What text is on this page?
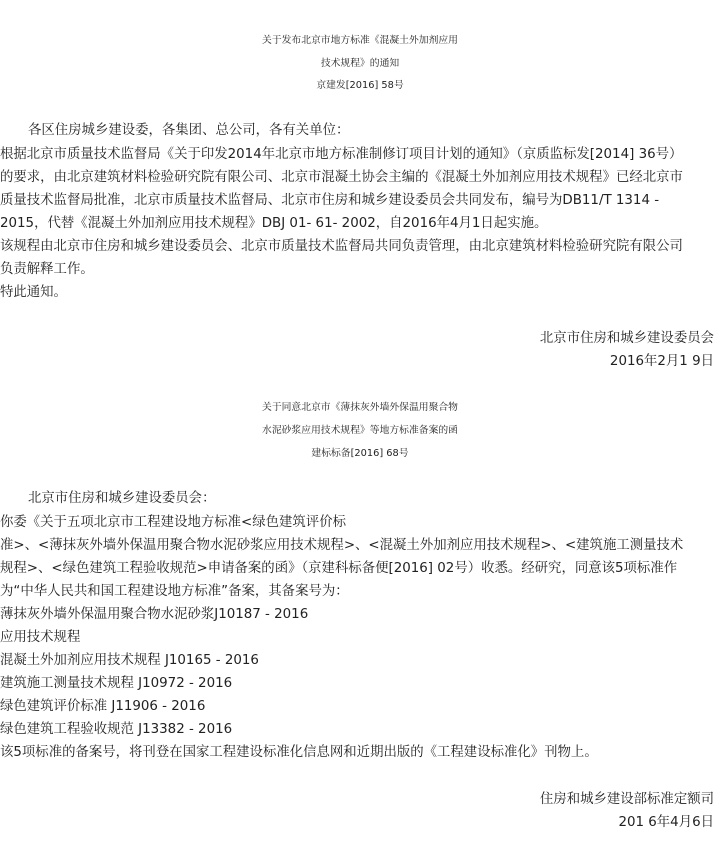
关于发布北京市地方标准《混凝土外加剂应用

技术规程》的通知

京建发[2016] 58号

各区住房城乡建设委，各集团、总公司，各有关单位：

根据北京市质量技术监督局《关于印发2014年北京市地方标准制修订项目计划的通知》（京质监标发[2014] 36号）

的要求，由北京建筑材料检验研究院有限公司、北京市混凝土协会主编的《混凝土外加剂应用技术规程》已经北京市

质量技术监督局批准，北京市质量技术监督局、北京市住房和城乡建设委员会共同发布，编号为DB11/T 1314 -

2015，代替《混凝土外加剂应用技术规程》DBJ 01- 61- 2002，自2016年4月1日起实施。

该规程由北京市住房和城乡建设委员会、北京市质量技术监督局共同负责管理，由北京建筑材料检验研究院有限公司

负责解释工作。

特此通知。

北京市住房和城乡建设委员会

2016年2月1 9日

关于同意北京市《薄抹灰外墙外保温用聚合物

水泥砂浆应用技术规程》等地方标准备案的函

建标标备[2016] 68号

北京市住房和城乡建设委员会：

你委《关于五项北京市工程建设地方标准<绿色建筑评价标

准>、<薄抹灰外墙外保温用聚合物水泥砂浆应用技术规程>、<混凝土外加剂应用技术规程>、<建筑施工测量技术

规程>、<绿色建筑工程验收规范>申请备案的函》（京建科标备便[2016] 02号）收悉。经研究，同意该5项标准作

为“中华人民共和国工程建设地方标准”备案，其备案号为：

薄抹灰外墙外保温用聚合物水泥砂浆J10187 - 2016

应用技术规程

混凝土外加剂应用技术规程 J10165 - 2016

建筑施工测量技术规程 J10972 - 2016

绿色建筑评价标准 J11906 - 2016

绿色建筑工程验收规范 J13382 - 2016

该5项标准的备案号，将刊登在国家工程建设标准化信息网和近期出版的《工程建设标准化》刊物上。

住房和城乡建设部标准定额司

201 6年4月6日
